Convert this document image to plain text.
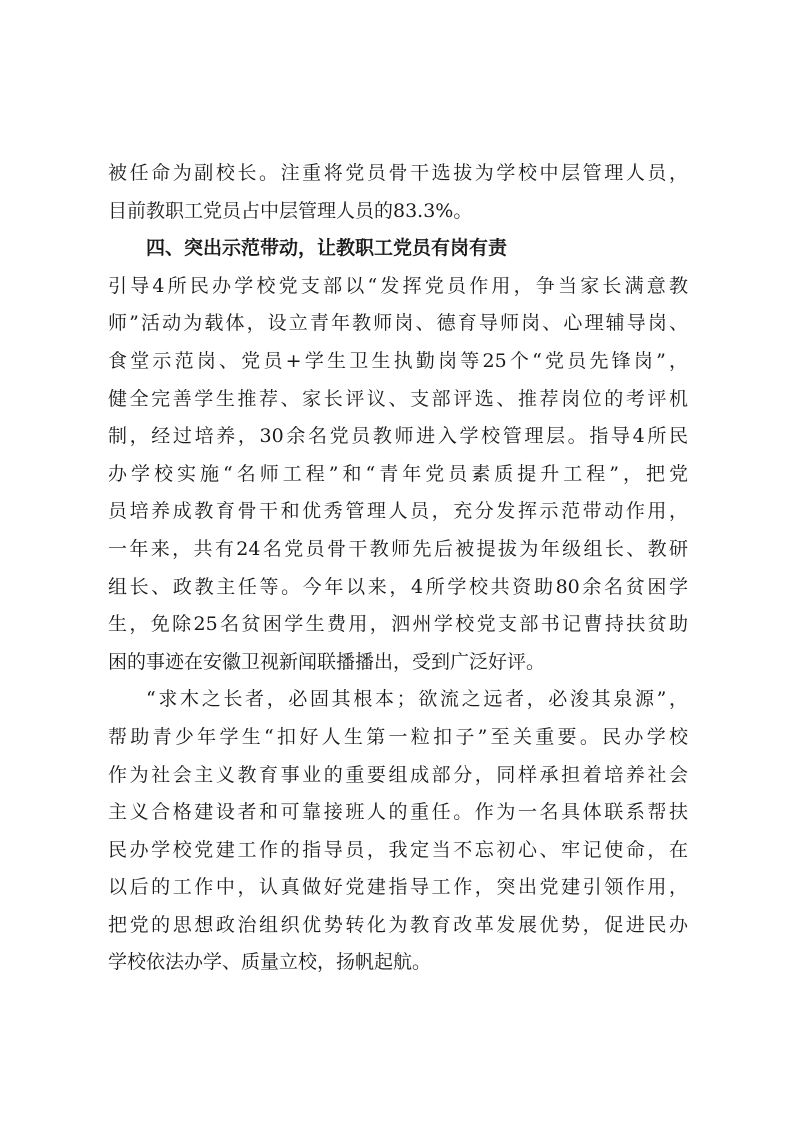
被任命为副校长。注重将党员骨干选拔为学校中层管理人员，
目前教职工党员占中层管理人员的83.3%。
四、突出示范带动，让教职工党员有岗有责
引导4所民办学校党支部以“发挥党员作用，争当家长满意教
师”活动为载体，设立青年教师岗、德育导师岗、心理辅导岗、
食堂示范岗、党员+学生卫生执勤岗等25个“党员先锋岗”，
健全完善学生推荐、家长评议、支部评选、推荐岗位的考评机
制，经过培养，30余名党员教师进入学校管理层。指导4所民
办学校实施“名师工程”和“青年党员素质提升工程”，把党
员培养成教育骨干和优秀管理人员，充分发挥示范带动作用，
一年来，共有24名党员骨干教师先后被提拔为年级组长、教研
组长、政教主任等。今年以来，4所学校共资助80余名贫困学
生，免除25名贫困学生费用，泗州学校党支部书记曹持扶贫助
困的事迹在安徽卫视新闻联播播出，受到广泛好评。
“求木之长者，必固其根本；欲流之远者，必浚其泉源”，
帮助青少年学生“扣好人生第一粒扣子”至关重要。民办学校
作为社会主义教育事业的重要组成部分，同样承担着培养社会
主义合格建设者和可靠接班人的重任。作为一名具体联系帮扶
民办学校党建工作的指导员，我定当不忘初心、牢记使命，在
以后的工作中，认真做好党建指导工作，突出党建引领作用，
把党的思想政治组织优势转化为教育改革发展优势，促进民办
学校依法办学、质量立校，扬帆起航。
